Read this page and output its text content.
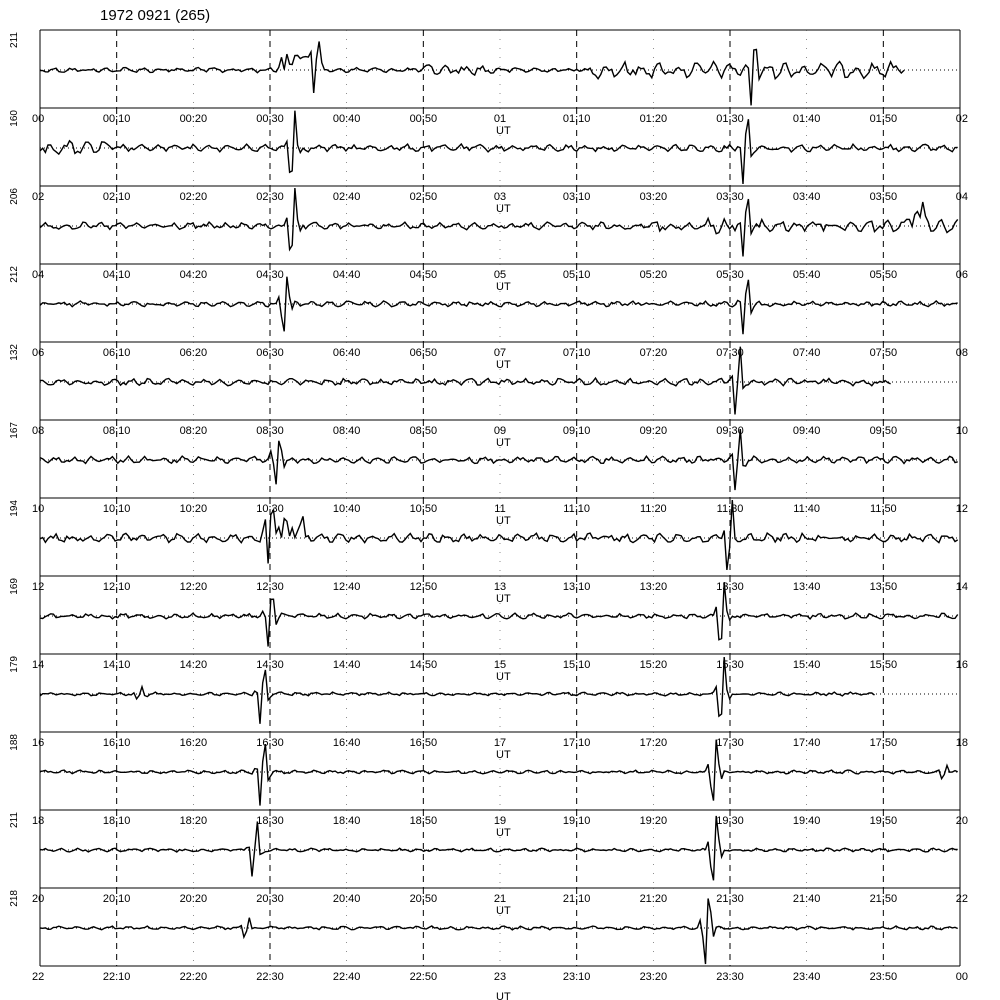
1972 0921 (265)
211
00	00:10	00:20	00:30	00:40	00:50	01	01:10	01:20	01:30	01:40	01:50	02
UT
160
02	02:10	02:20	02:30	02:40	02:50	03	03:10	03:20	03:30	03:40	03:50	04
UT
206
04	04:10	04:20	04:30	04:40	04:50	05	05:10	05:20	05:30	05:40	05:50	06
UT
212
06	06:10	06:20	06:30	06:40	06:50	07	07:10	07:20	07:30	07:40	07:50	08
UT
132
08	08:10	08:20	08:30	08:40	08:50	09	09:10	09:20	09:30	09:40	09:50	10
UT
167
10	10:10	10:20	10:30	10:40	10:50	11	11:10	11:20	11:30	11:40	11:50	12
UT
194
12	12:10	12:20	12:30	12:40	12:50	13	13:10	13:20	13:30	13:40	13:50	14
UT
169
14	14:10	14:20	14:30	14:40	14:50	15	15:10	15:20	15:30	15:40	15:50	16
UT
179
16	16:10	16:20	16:30	16:40	16:50	17	17:10	17:20	17:30	17:40	17:50	18
UT
188
18	18:10	18:20	18:30	18:40	18:50	19	19:10	19:20	19:30	19:40	19:50	20
UT
211
20	20:10	20:20	20:30	20:40	20:50	21	21:10	21:20	21:30	21:40	21:50	22
UT
218
22	22:10	22:20	22:30	22:40	22:50	23	23:10	23:20	23:30	23:40	23:50	00
UT
